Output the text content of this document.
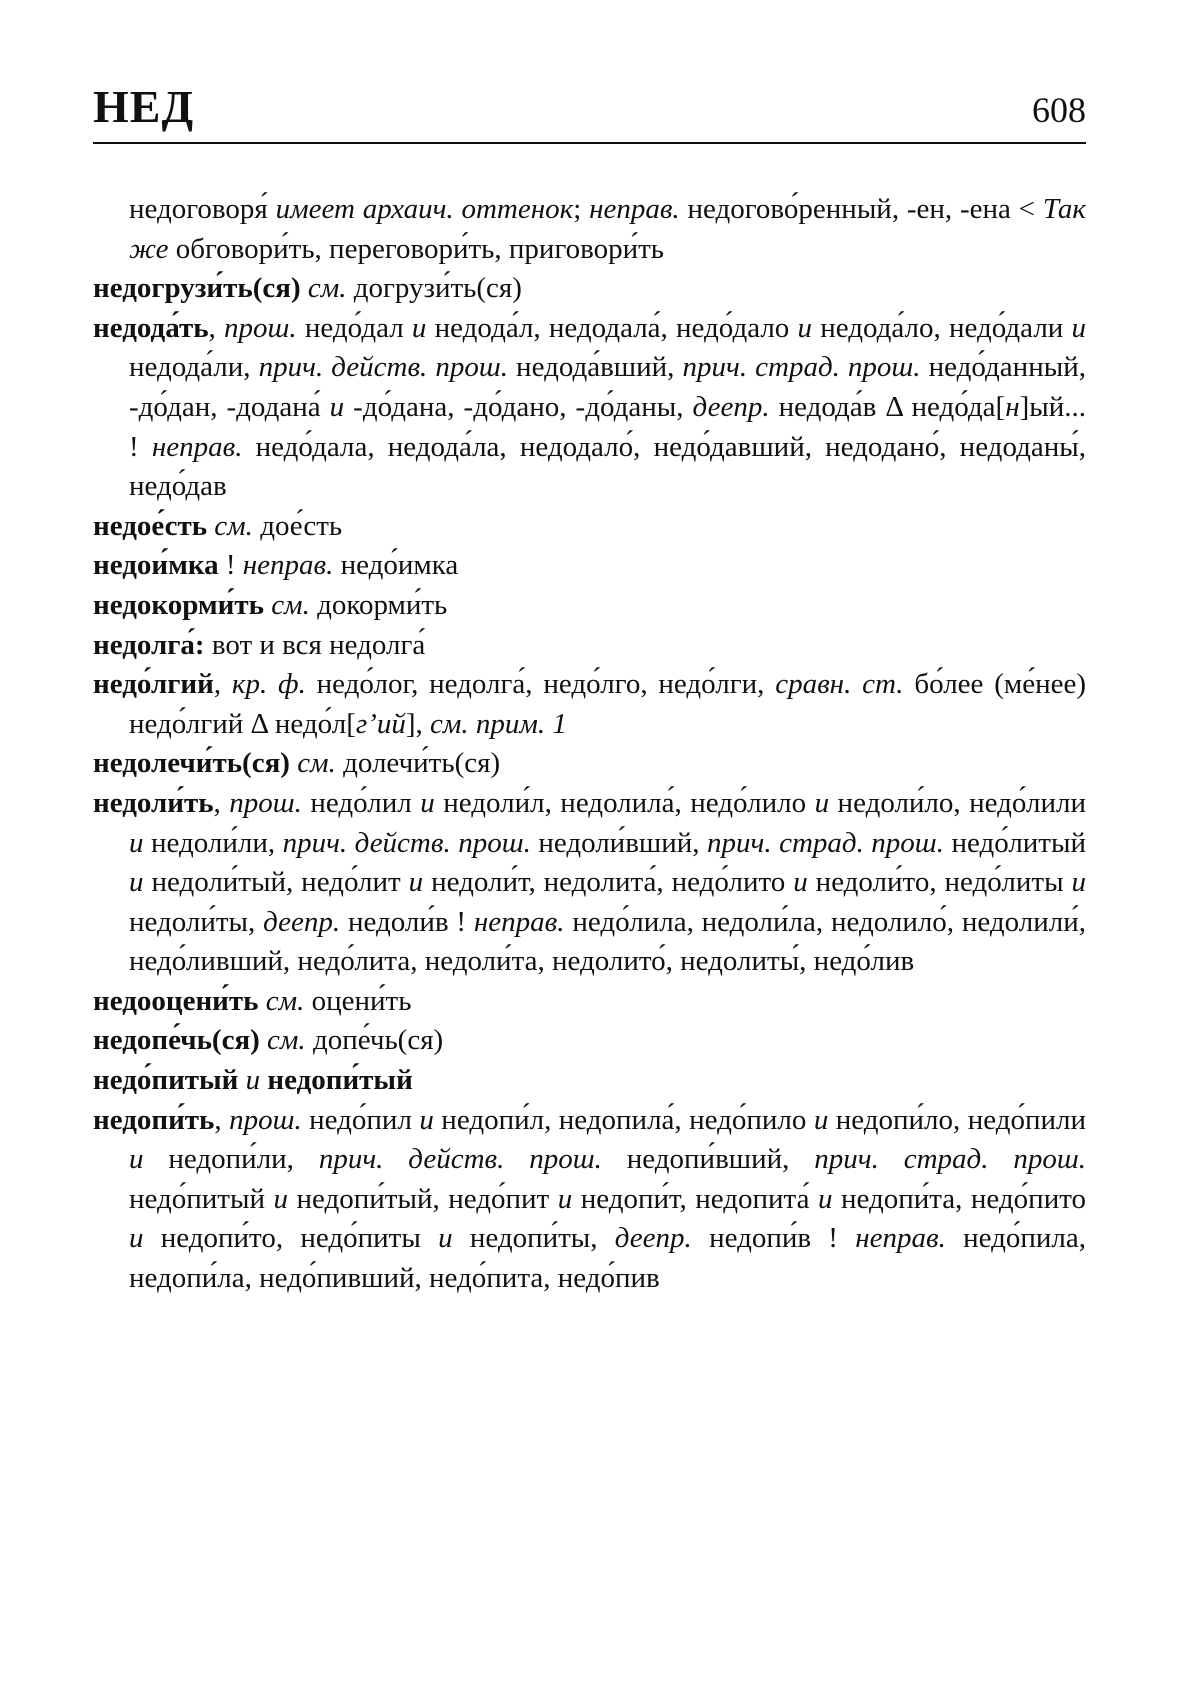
НЕД	608

недоговоря́ имеет архаич. оттенок; неправ. недогово́ренный, -ен, -ена < Так же обговори́ть, переговори́ть, приговори́ть

недогрузи́ть(ся) см. догрузи́ть(ся)

недода́ть, прош. недо́дал и недода́л, недодала́, недо́дало и недода́ло, недо́дали и недода́ли, прич. действ. прош. недода́вший, прич. страд. прош. недо́данный, -до́дан, -додана́ и -до́дана, -до́дано, -до́даны, деепр. недода́в Δ недо́да[н]ый... ! неправ. недо́дала, недода́ла, недодало́, недо́давший, недодано́, недоданы́, недо́дав

недое́сть см. дое́сть

недои́мка ! неправ. недо́имка

недокорми́ть см. докорми́ть

недолга́: вот и вся недолга́

недо́лгий, кр. ф. недо́лог, недолга́, недо́лго, недо́лги, сравн. ст. бо́лее (ме́нее) недо́лгий Δ недо́л[гʼий], см. прим. 1

недолечи́ть(ся) см. долечи́ть(ся)

недоли́ть, прош. недо́лил и недоли́л, недолила́, недо́лило и недоли́ло, недо́лили и недоли́ли, прич. действ. прош. недоли́вший, прич. страд. прош. недо́литый и недоли́тый, недо́лит и недоли́т, недолита́, недо́лито и недоли́то, недо́литы и недоли́ты, деепр. недоли́в ! неправ. недо́лила, недоли́ла, недолило́, недолили́, недо́ливший, недо́лита, недоли́та, недолито́, недолиты́, недо́лив

недооцени́ть см. оцени́ть

недопе́чь(ся) см. допе́чь(ся)

недо́питый и недопи́тый

недопи́ть, прош. недо́пил и недопи́л, недопила́, недо́пило и недопи́ло, недо́пили и недопи́ли, прич. действ. прош. недопи́вший, прич. страд. прош. недо́питый и недопи́тый, недо́пит и недопи́т, недопита́ и недопи́та, недо́пито и недопи́то, недо́питы и недопи́ты, деепр. недопи́в ! неправ. недо́пила, недопи́ла, недо́пивший, недо́пита, недо́пив
